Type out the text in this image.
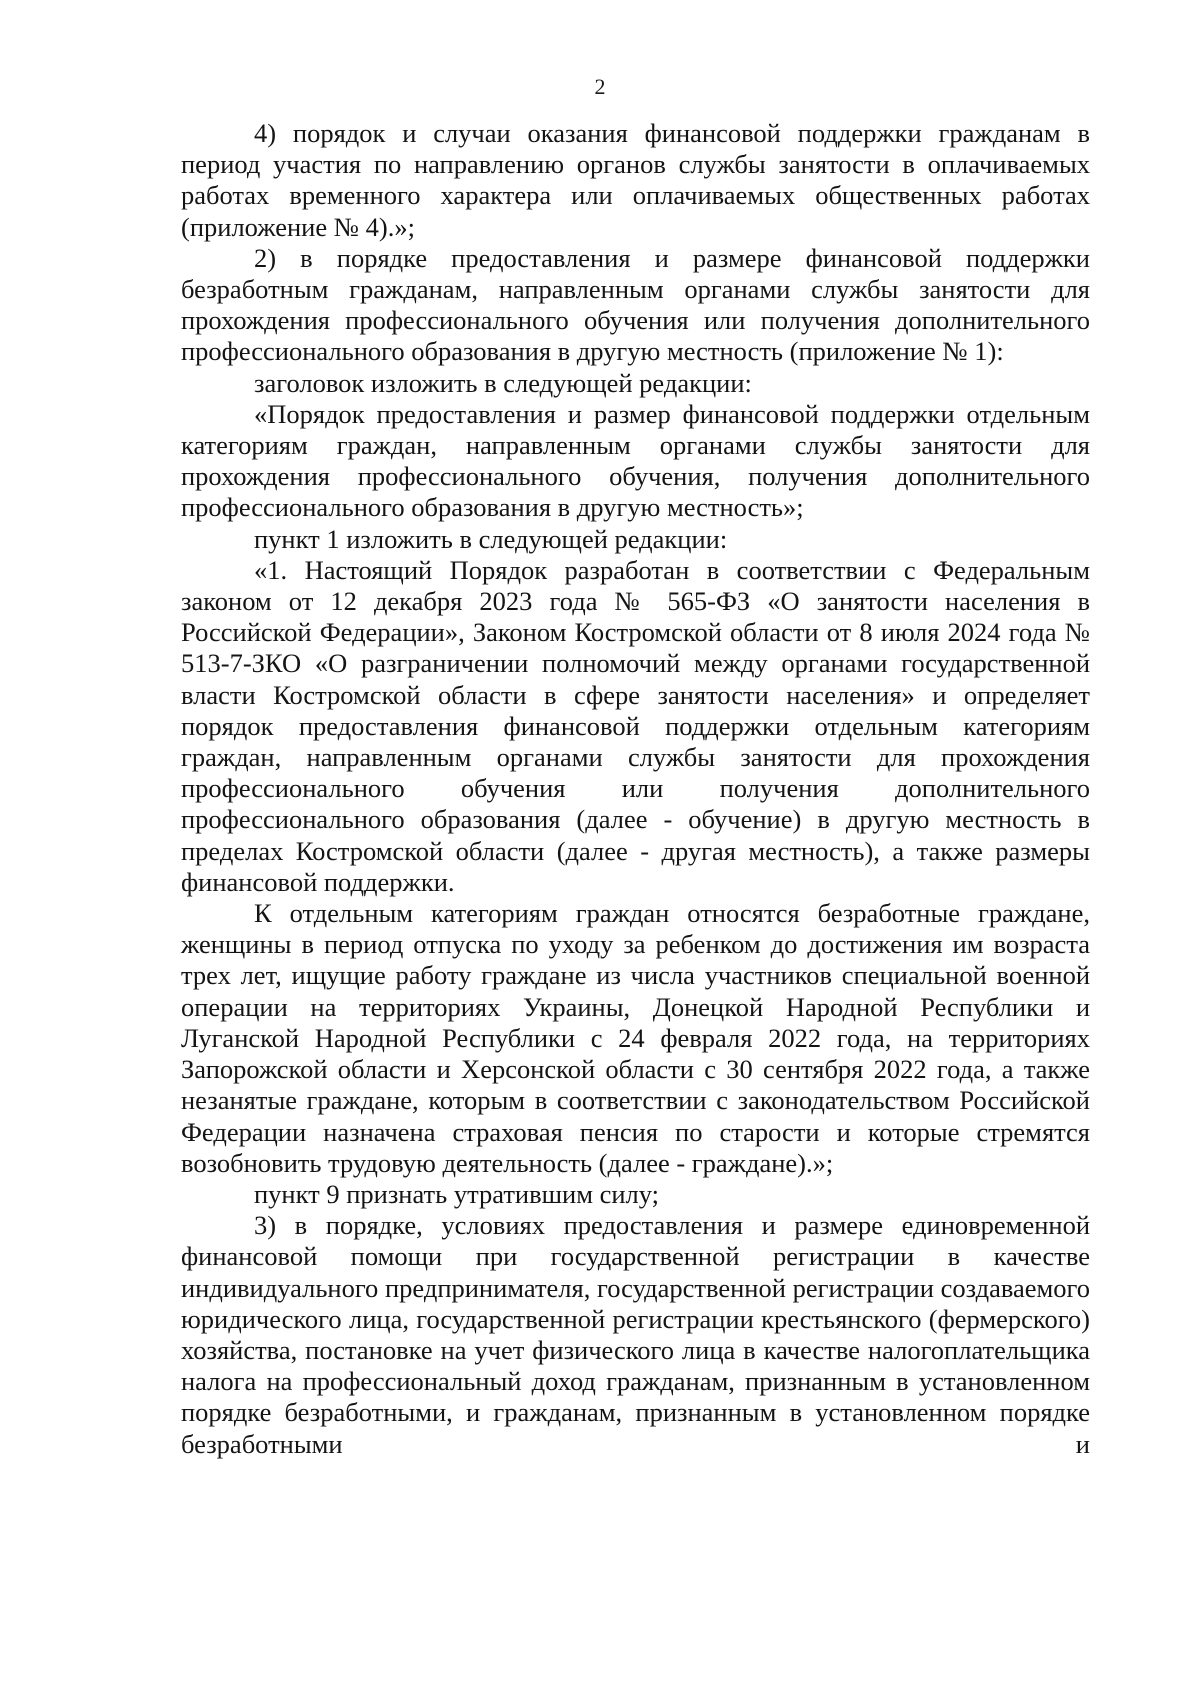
2

4) порядок и случаи оказания финансовой поддержки гражданам в период участия по направлению органов службы занятости в оплачиваемых работах временного характера или оплачиваемых общественных работах (приложение № 4).»;

2) в порядке предоставления и размере финансовой поддержки безработным гражданам, направленным органами службы занятости для прохождения профессионального обучения или получения дополнительного профессионального образования в другую местность (приложение № 1):

заголовок изложить в следующей редакции:

«Порядок предоставления и размер финансовой поддержки отдельным категориям граждан, направленным органами службы занятости для прохождения профессионального обучения, получения дополнительного профессионального образования в другую местность»;

пункт 1 изложить в следующей редакции:

«1. Настоящий Порядок разработан в соответствии с Федеральным законом от 12 декабря 2023 года № 565-ФЗ «О занятости населения в Российской Федерации», Законом Костромской области от 8 июля 2024 года № 513-7-ЗКО «О разграничении полномочий между органами государственной власти Костромской области в сфере занятости населения» и определяет порядок предоставления финансовой поддержки отдельным категориям граждан, направленным органами службы занятости для прохождения профессионального обучения или получения дополнительного профессионального образования (далее - обучение) в другую местность в пределах Костромской области (далее - другая местность), а также размеры финансовой поддержки.

К отдельным категориям граждан относятся безработные граждане, женщины в период отпуска по уходу за ребенком до достижения им возраста трех лет, ищущие работу граждане из числа участников специальной военной операции на территориях Украины, Донецкой Народной Республики и Луганской Народной Республики с 24 февраля 2022 года, на территориях Запорожской области и Херсонской области с 30 сентября 2022 года, а также незанятые граждане, которым в соответствии с законодательством Российской Федерации назначена страховая пенсия по старости и которые стремятся возобновить трудовую деятельность (далее - граждане).»;

пункт 9 признать утратившим силу;

3) в порядке, условиях предоставления и размере единовременной финансовой помощи при государственной регистрации в качестве индивидуального предпринимателя, государственной регистрации создаваемого юридического лица, государственной регистрации крестьянского (фермерского) хозяйства, постановке на учет физического лица в качестве налогоплательщика налога на профессиональный доход гражданам, признанным в установленном порядке безработными, и гражданам, признанным в установленном порядке безработными и
